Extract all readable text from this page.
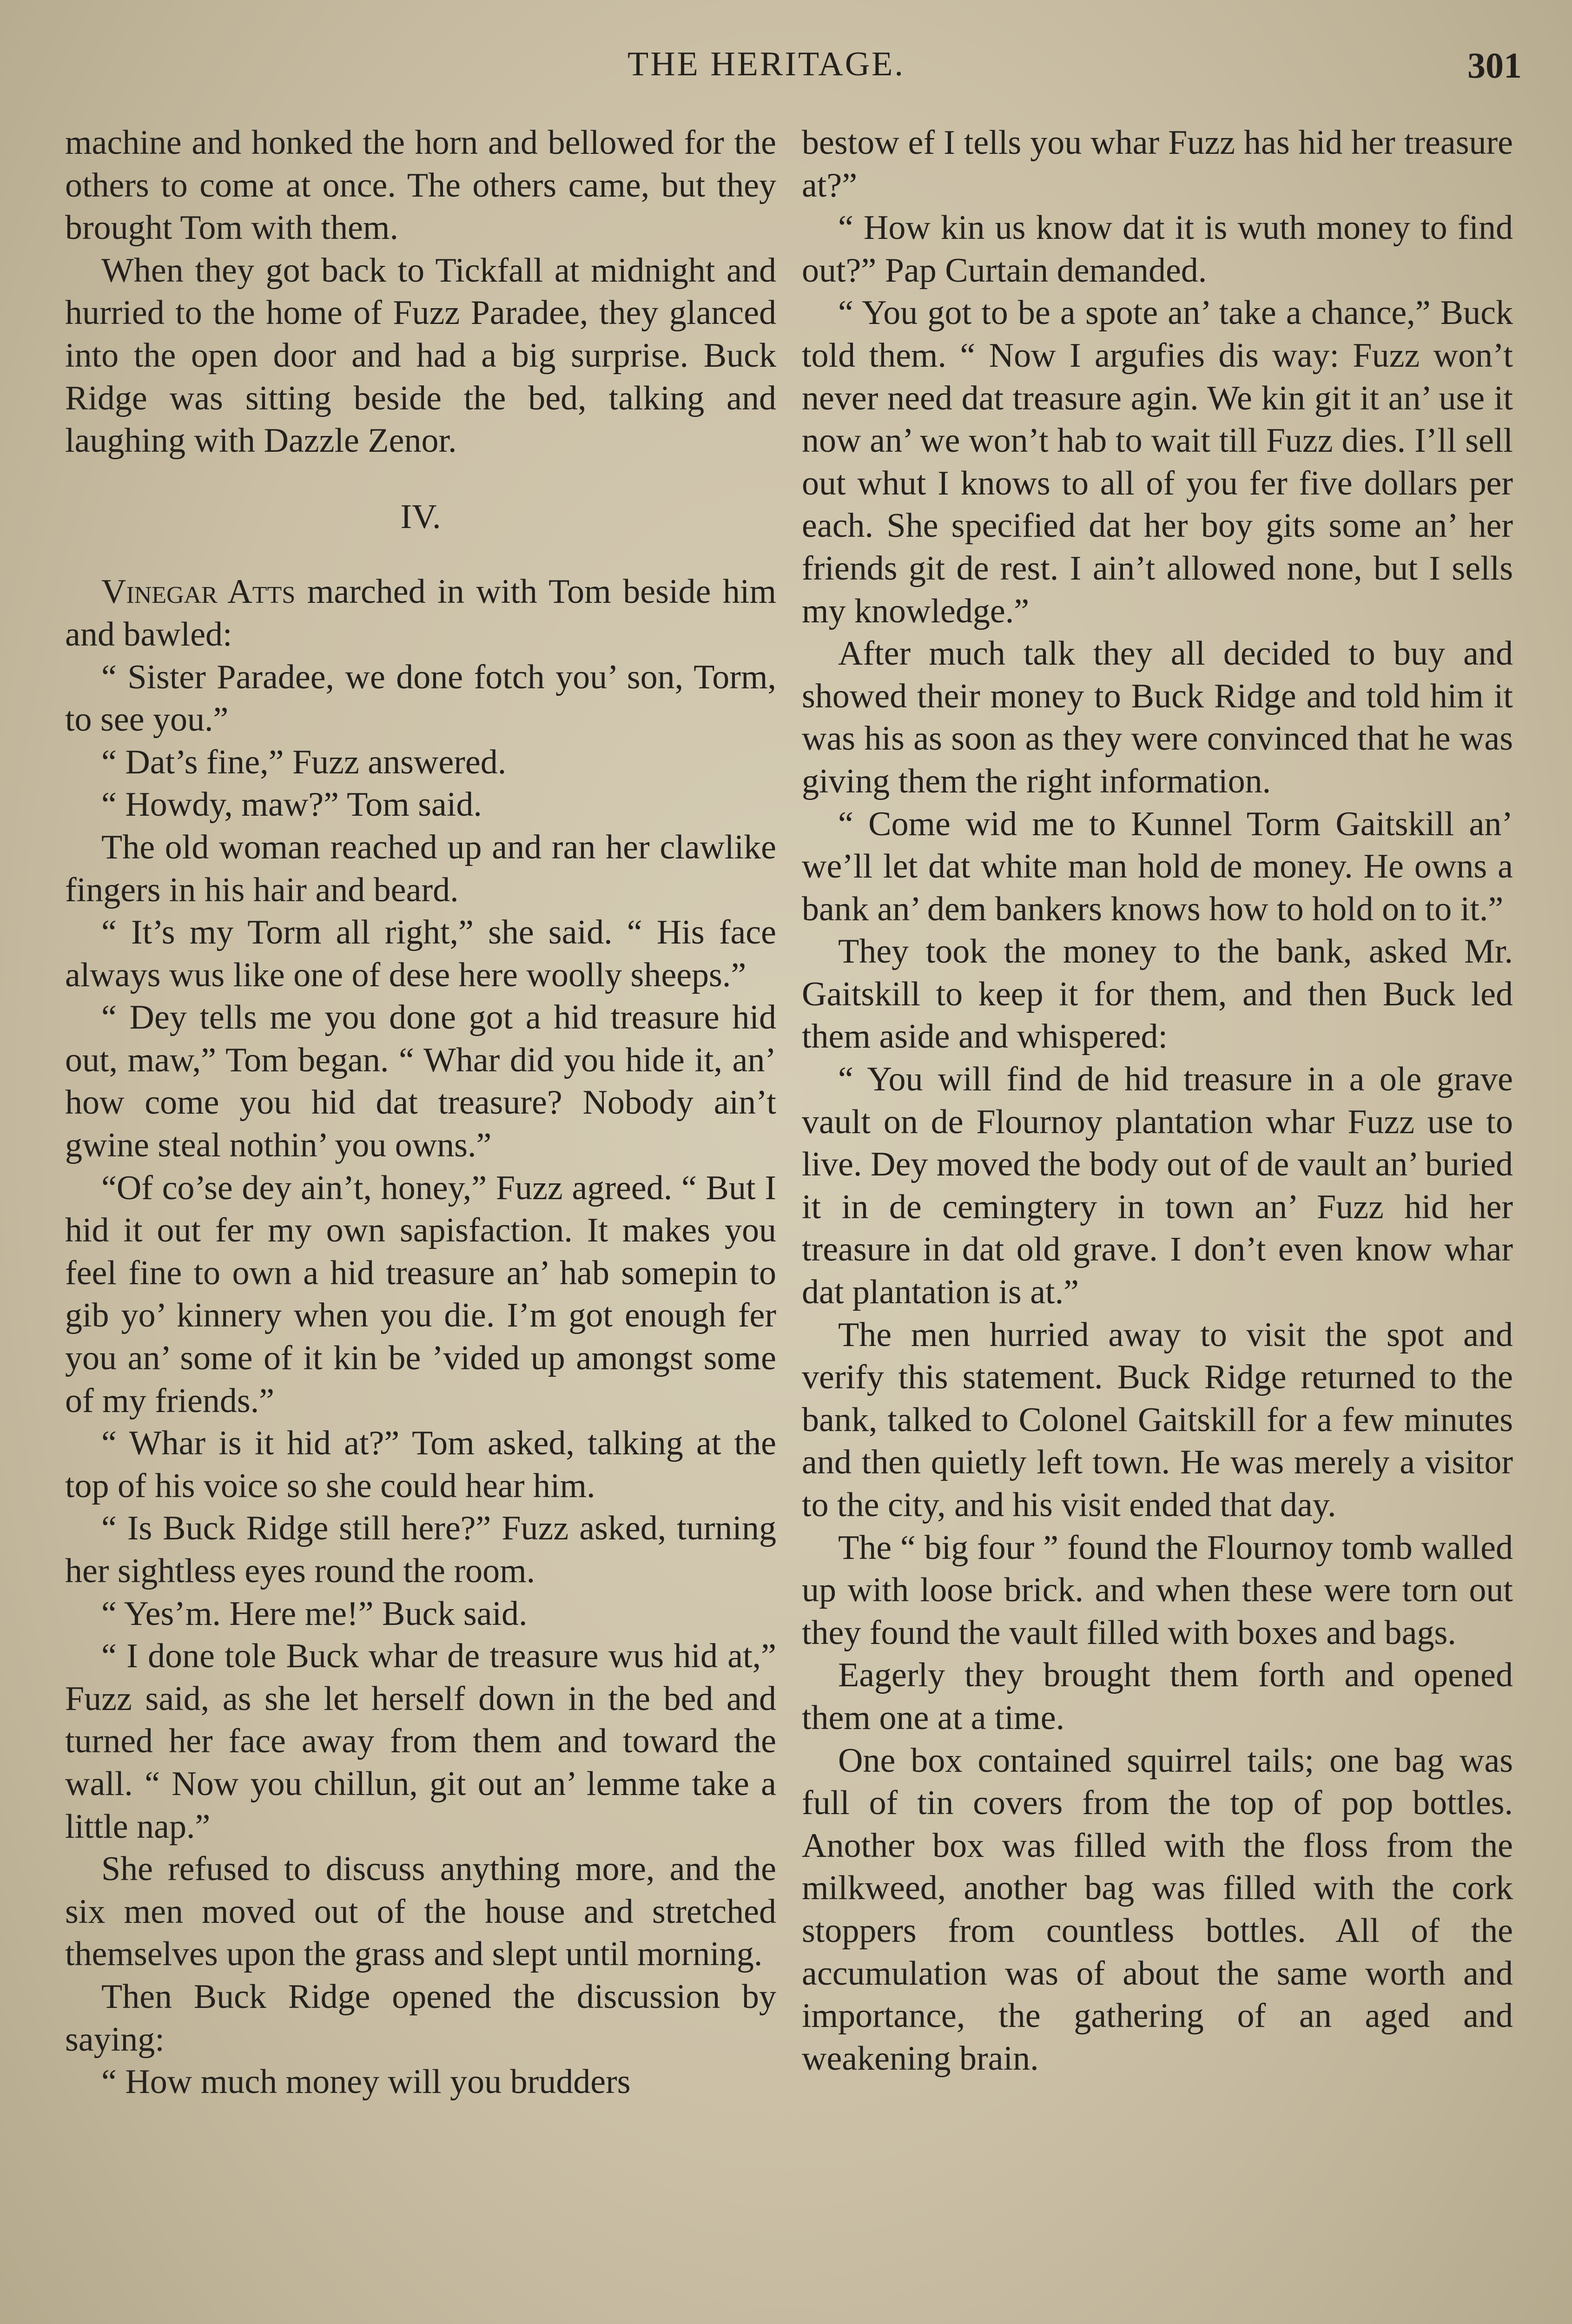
THE HERITAGE.	301

machine and honked the horn and bellowed for the others to come at once. The others came, but they brought Tom with them.

When they got back to Tickfall at midnight and hurried to the home of Fuzz Paradee, they glanced into the open door and had a big surprise. Buck Ridge was sitting beside the bed, talking and laughing with Dazzle Zenor.

IV.

Vinegar Atts marched in with Tom beside him and bawled:

“ Sister Paradee, we done fotch you’ son, Torm, to see you.”

“ Dat’s fine,” Fuzz answered.

“ Howdy, maw?” Tom said.

The old woman reached up and ran her clawlike fingers in his hair and beard.

“ It’s my Torm all right,” she said. “ His face always wus like one of dese here woolly sheeps.”

“ Dey tells me you done got a hid treasure hid out, maw,” Tom began. “ Whar did you hide it, an’ how come you hid dat treasure? Nobody ain’t gwine steal nothin’ you owns.”

“Of co’se dey ain’t, honey,” Fuzz agreed. “ But I hid it out fer my own sapisfaction. It makes you feel fine to own a hid treasure an’ hab somepin to gib yo’ kinnery when you die. I’m got enough fer you an’ some of it kin be ’vided up amongst some of my friends.”

“ Whar is it hid at?” Tom asked, talking at the top of his voice so she could hear him.

“ Is Buck Ridge still here?” Fuzz asked, turning her sightless eyes round the room.

“ Yes’m. Here me!” Buck said.

“ I done tole Buck whar de treasure wus hid at,” Fuzz said, as she let herself down in the bed and turned her face away from them and toward the wall. “ Now you chillun, git out an’ lemme take a little nap.”

She refused to discuss anything more, and the six men moved out of the house and stretched themselves upon the grass and slept until morning.

Then Buck Ridge opened the discussion by saying:

“ How much money will you brudders

bestow ef I tells you whar Fuzz has hid her treasure at?”

“ How kin us know dat it is wuth money to find out?” Pap Curtain demanded.

“ You got to be a spote an’ take a chance,” Buck told them. “ Now I argufies dis way: Fuzz won’t never need dat treasure agin. We kin git it an’ use it now an’ we won’t hab to wait till Fuzz dies. I’ll sell out whut I knows to all of you fer five dollars per each. She specified dat her boy gits some an’ her friends git de rest. I ain’t allowed none, but I sells my knowledge.”

After much talk they all decided to buy and showed their money to Buck Ridge and told him it was his as soon as they were convinced that he was giving them the right information.

“ Come wid me to Kunnel Torm Gaitskill an’ we’ll let dat white man hold de money. He owns a bank an’ dem bankers knows how to hold on to it.”

They took the money to the bank, asked Mr. Gaitskill to keep it for them, and then Buck led them aside and whispered:

“ You will find de hid treasure in a ole grave vault on de Flournoy plantation whar Fuzz use to live. Dey moved the body out of de vault an’ buried it in de cemingtery in town an’ Fuzz hid her treasure in dat old grave. I don’t even know whar dat plantation is at.”

The men hurried away to visit the spot and verify this statement. Buck Ridge returned to the bank, talked to Colonel Gaitskill for a few minutes and then quietly left town. He was merely a visitor to the city, and his visit ended that day.

The “ big four ” found the Flournoy tomb walled up with loose brick. and when these were torn out they found the vault filled with boxes and bags.

Eagerly they brought them forth and opened them one at a time.

One box contained squirrel tails; one bag was full of tin covers from the top of pop bottles. Another box was filled with the floss from the milkweed, another bag was filled with the cork stoppers from countless bottles. All of the accumulation was of about the same worth and importance, the gathering of an aged and weakening brain.
